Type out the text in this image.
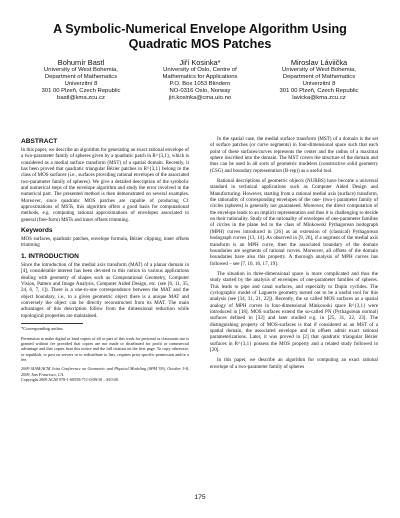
A Symbolic-Numerical Envelope Algorithm Using
Quadratic MOS Patches
Bohumír Bastl
University of West Bohemia,
Department of Mathematics
Univerzitní 8
301 00 Plzeň, Czech Republic
bastl@kma.zcu.cz
Jiří Kosinka*
University of Oslo, Centre of
Mathematics for Applications
P.O. Box 1053 Blindern
NO-0316 Oslo, Norway
jiri.kosinka@cma.uio.no
Miroslav Láviička
University of West Bohemia,
Department of Mathematics
Univerzitní 8
301 00 Plzeň, Czech Republic
lavicka@kma.zcu.cz
ABSTRACT

In this paper, we describe an algorithm for generating an exact rational envelope of a two-parameter family of spheres given by a quadratic patch in R^{3,1}, which is considered as a medial surface transform (MST) of a spatial domain. Recently, it has been proved that quadratic triangular Bézier patches in R^{3,1} belong to the class of MOS surfaces (i.e., surfaces providing rational envelopes of the associated two-parameter family of spheres). We give a detailed description of the symbolic and numerical steps of the envelope algorithm and study the error involved in the numerical part. The presented method is then demonstrated on several examples. Moreover, since quadratic MOS patches are capable of producing C1 approximations of MSTs, this algorithm offers a good basis for computational methods, e.g. computing rational approximations of envelopes associated to general (free-form) MSTs and inner offsets trimming.

Keywords

MOS surfaces, quadratic patches, envelope formula, Bézier clipping, inner offsets trimming

1. INTRODUCTION

Since the introduction of the medial axis transform (MAT) of a planar domain in [4], considerable interest has been devoted to this notion in various applications dealing with geometry of shapes such as Computational Geometry, Computer Vision, Pattern and Image Analysis, Computer Aided Design, etc. (see [6, 11, 35, 24, 6, 7, 1]). There is a one-to-one correspondence between the MAT and the object boundary, i.e., to a given geometric object there is a unique MAT and conversely the object can be directly reconstructed from its MAT. The main advantages of this description follow from the dimensional reduction while topological properties are maintained.

*Corresponding author.

Permission to make digital or hard copies of all or part of this work for personal or classroom use is granted without fee provided that copies are not made or distributed for profit or commercial advantage and that copies bear this notice and the full citation on the first page. To copy otherwise, or republish, to post on servers or to redistribute to lists, requires prior specific permission and/or a fee.

2009 SIAM/ACM Joint Conference on Geometric and Physical Modeling (SPM '09), October 5-8, 2009, San Francisco, CA.

Copyright 2009 ACM 978-1-60558-711-0/09/10 ...$10.00.

In the spatial case, the medial surface transform (MST) of a domain is the set of surface patches (or curve segments) in four-dimensional space such that each point of these surfaces/curves represents the center and the radius of a maximal sphere inscribed into the domain. The MST covers the structure of the domain and thus can be used in all sorts of geometric modelers (constructive solid geometry (CSG) and boundary representation (B-rep)) as a useful tool.

Rational descriptions of geometric objects (NURBS) have become a universal standard in technical applications such as Computer Aided Design and Manufacturing. However, starting from a rational medial axis (surface) transform, the rationality of corresponding envelopes of the one- (two-) parameter family of circles (spheres) is generally not guaranteed. Moreover, the direct computation of the envelope leads to an implicit representation and thus it is challenging to decide on their rationality. Study of the rationality of envelopes of one-parameter families of circles in the plane led to the class of Minkowski Pythagorean hodograph (MPH) curves introduced in [26] as an extension of (classical) Pythagorean hodograph curves [13, 14]. As observed in [9, 26], if a segment of the medial axis transform is an MPH curve, then the associated boundary of the domain boundaries are segments of rational curves. Moreover, all offsets of the domain boundaries have also this property. A thorough analysis of MPH curves has followed – see [7, 10, 16, 17, 19].

The situation in three-dimensional space is more complicated and thus the study started by the analysis of envelopes of one-parameter families of spheres. This leads to pipe and canal surfaces, and especially to Dupin cyclides. The cyclographic model of Laguerre geometry turned out to be a useful tool for this analysis (see [34, 31, 21, 22]). Recently, the so called MOS surfaces as a spatial analogy of MPH curves in four-dimensional Minkowski space R^{3,1} were introduced in [18]. MOS surfaces extend the so-called PN (Pythagorean normal) surfaces defined in [32] and later studied e.g. in [25, 31, 22, 23]. The distinguishing property of MOS-surfaces is that if considered as an MST of a spatial domain, the associated envelope and its offsets admit exact rational parameterizations. Later, it was proved in [2] that quadratic triangular Bézier surfaces in R^{3,1} possess the MOS property and a related study followed in [20].

In this paper, we describe an algorithm for computing an exact rational envelope of a two-parameter family of spheres

175
